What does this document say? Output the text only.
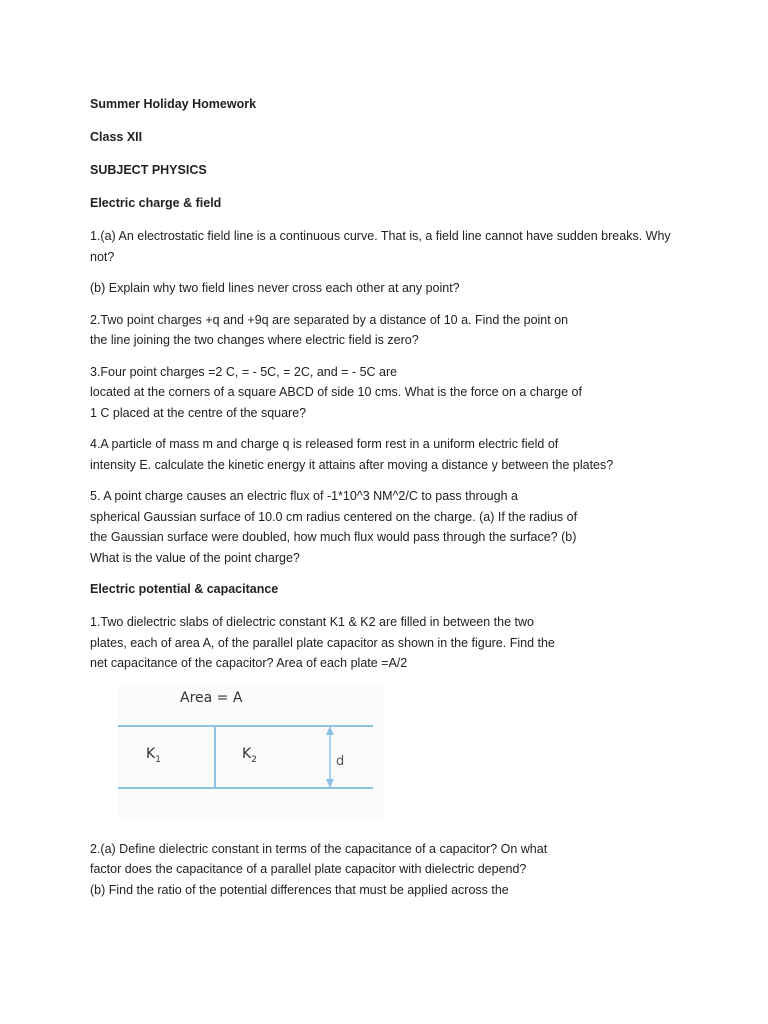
Summer Holiday Homework
Class XII
SUBJECT PHYSICS
Electric charge & field
1.(a) An electrostatic field line is a continuous curve. That is, a field line cannot have sudden breaks. Why
not?
(b) Explain why two field lines never cross each other at any point?
2.Two point charges +q and +9q are separated by a distance of 10 a. Find the point on
the line joining the two changes where electric field is zero?
3.Four point charges =2 C, = - 5C, = 2C, and = - 5C are
located at the corners of a square ABCD of side 10 cms. What is the force on a charge of
1 C placed at the centre of the square?
4.A particle of mass m and charge q is released form rest in a uniform electric field of
intensity E. calculate the kinetic energy it attains after moving a distance y between the plates?
5. A point charge causes an electric flux of -1*10^3 NM^2/C to pass through a
spherical Gaussian surface of 10.0 cm radius centered on the charge. (a) If the radius of
the Gaussian surface were doubled, how much flux would pass through the surface? (b)
What is the value of the point charge?
Electric potential & capacitance
1.Two dielectric slabs of dielectric constant K1 & K2 are filled in between the two
plates, each of area A, of the parallel plate capacitor as shown in the figure. Find the
net capacitance of the capacitor? Area of each plate =A/2
Area = A
$K_1$	$K_2$	d
2.(a) Define dielectric constant in terms of the capacitance of a capacitor? On what
factor does the capacitance of a parallel plate capacitor with dielectric depend?
(b) Find the ratio of the potential differences that must be applied across the
